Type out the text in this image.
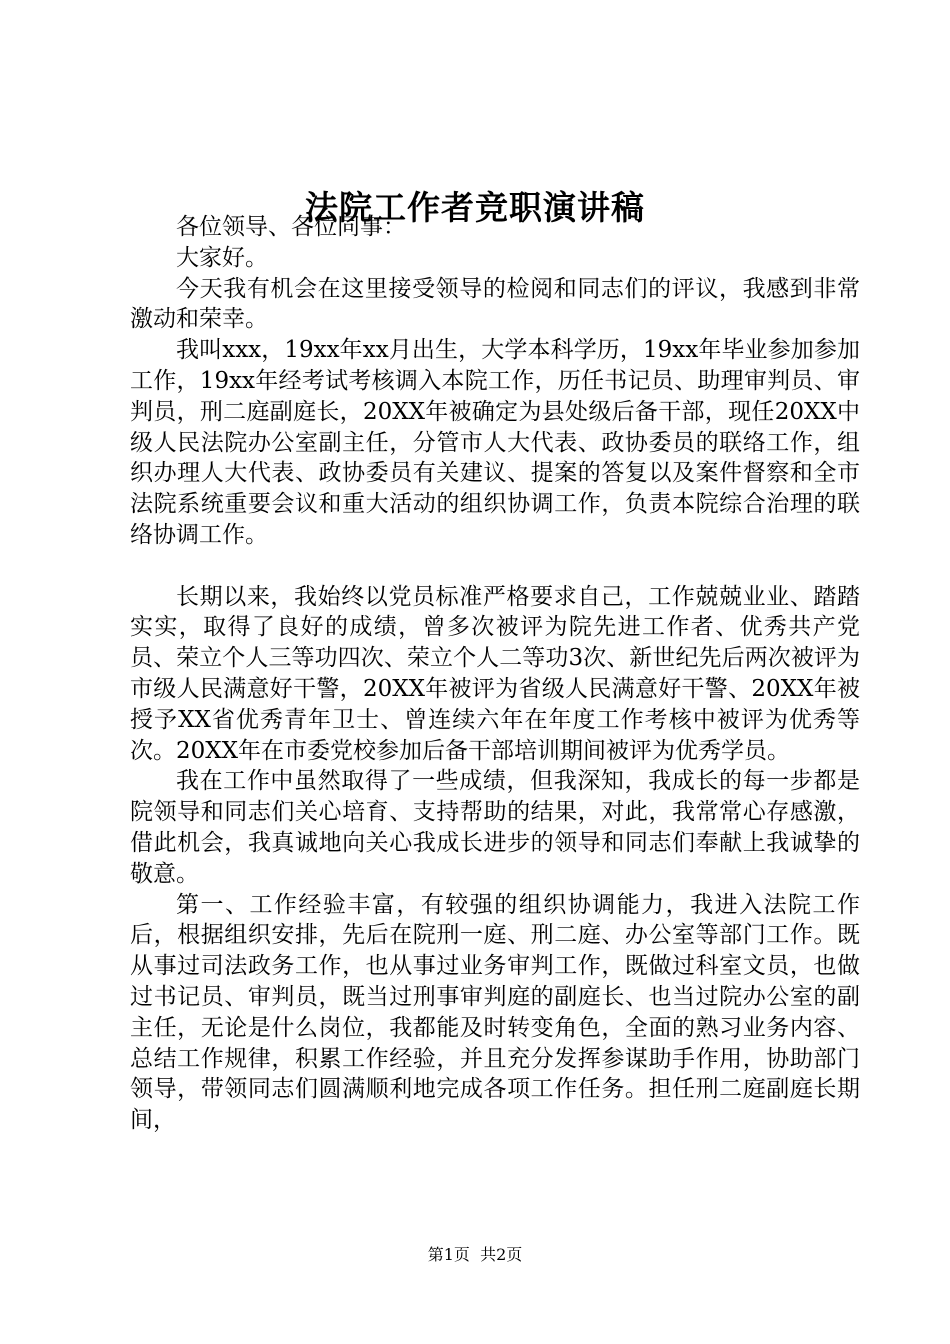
法院工作者竞职演讲稿

各位领导、各位同事：

大家好。

今天我有机会在这里接受领导的检阅和同志们的评议，我感到非常激动和荣幸。

我叫xxx，19xx年xx月出生，大学本科学历，19xx年毕业参加参加工作，19xx年经考试考核调入本院工作，历任书记员、助理审判员、审判员，刑二庭副庭长，20XX年被确定为县处级后备干部，现任20XX中级人民法院办公室副主任，分管市人大代表、政协委员的联络工作，组织办理人大代表、政协委员有关建议、提案的答复以及案件督察和全市法院系统重要会议和重大活动的组织协调工作，负责本院综合治理的联络协调工作。

长期以来，我始终以党员标准严格要求自己，工作兢兢业业、踏踏实实，取得了良好的成绩，曾多次被评为院先进工作者、优秀共产党员、荣立个人三等功四次、荣立个人二等功3次、新世纪先后两次被评为市级人民满意好干警，20XX年被评为省级人民满意好干警、20XX年被授予XX省优秀青年卫士、曾连续六年在年度工作考核中被评为优秀等次。20XX年在市委党校参加后备干部培训期间被评为优秀学员。

我在工作中虽然取得了一些成绩，但我深知，我成长的每一步都是院领导和同志们关心培育、支持帮助的结果，对此，我常常心存感激，借此机会，我真诚地向关心我成长进步的领导和同志们奉献上我诚挚的敬意。

第一、工作经验丰富，有较强的组织协调能力，我进入法院工作后，根据组织安排，先后在院刑一庭、刑二庭、办公室等部门工作。既从事过司法政务工作，也从事过业务审判工作，既做过科室文员，也做过书记员、审判员，既当过刑事审判庭的副庭长、也当过院办公室的副主任，无论是什么岗位，我都能及时转变角色，全面的熟习业务内容、总结工作规律，积累工作经验，并且充分发挥参谋助手作用，协助部门领导，带领同志们圆满顺利地完成各项工作任务。担任刑二庭副庭长期间，

第1页  共2页
